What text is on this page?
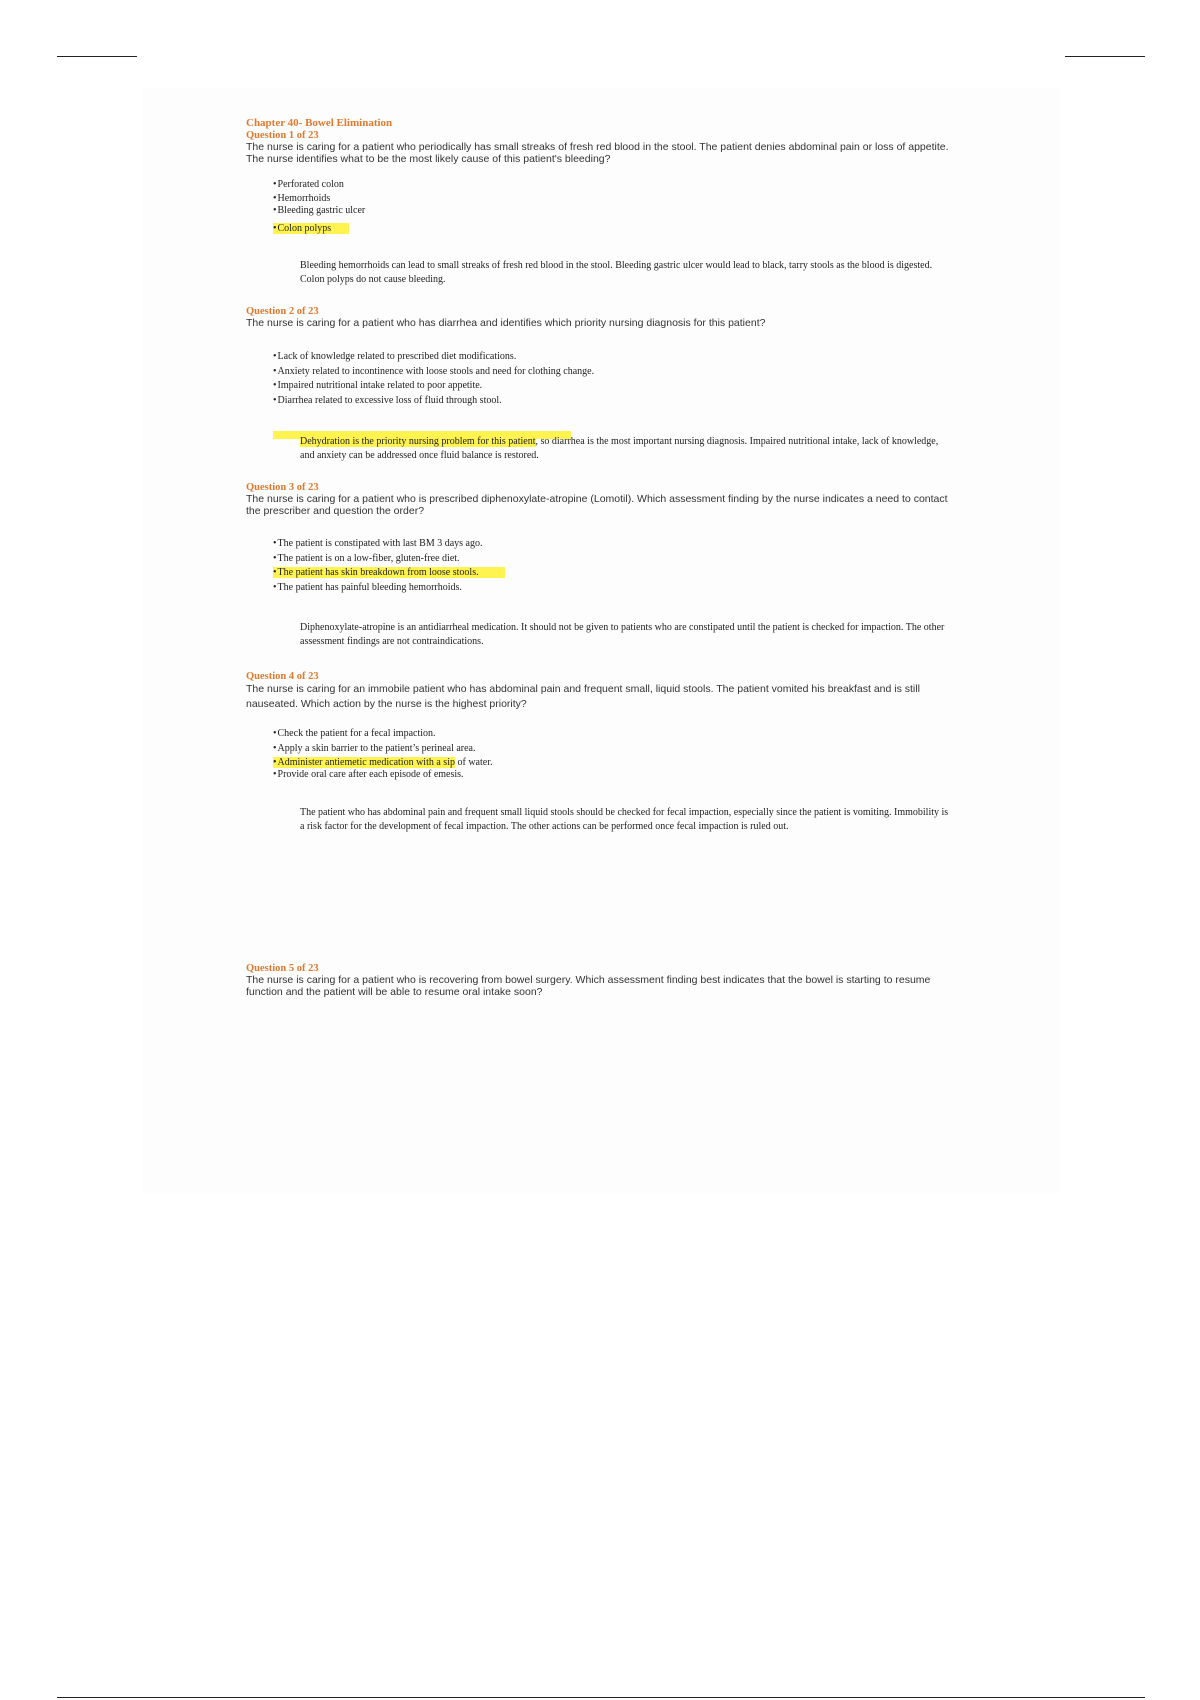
Chapter 40- Bowel Elimination
Question 1 of 23
The nurse is caring for a patient who periodically has small streaks of fresh red blood in the stool. The patient denies abdominal pain or loss of appetite. The nurse identifies what to be the most likely cause of this patient's bleeding?
•Perforated colon
•Hemorrhoids
•Bleeding gastric ulcer
•Colon polyps
Bleeding hemorrhoids can lead to small streaks of fresh red blood in the stool. Bleeding gastric ulcer would lead to black, tarry stools as the blood is digested. Colon polyps do not cause bleeding.
Question 2 of 23
The nurse is caring for a patient who has diarrhea and identifies which priority nursing diagnosis for this patient?
•Lack of knowledge related to prescribed diet modifications.
•Anxiety related to incontinence with loose stools and need for clothing change.
•Impaired nutritional intake related to poor appetite.
•Diarrhea related to excessive loss of fluid through stool.
Dehydration is the priority nursing problem for this patient, so diarrhea is the most important nursing diagnosis. Impaired nutritional intake, lack of knowledge, and anxiety can be addressed once fluid balance is restored.
Question 3 of 23
The nurse is caring for a patient who is prescribed diphenoxylate-atropine (Lomotil). Which assessment finding by the nurse indicates a need to contact the prescriber and question the order?
•The patient is constipated with last BM 3 days ago.
•The patient is on a low-fiber, gluten-free diet.
•The patient has skin breakdown from loose stools.
•The patient has painful bleeding hemorrhoids.
Diphenoxylate-atropine is an antidiarrheal medication. It should not be given to patients who are constipated until the patient is checked for impaction. The other assessment findings are not contraindications.
Question 4 of 23
The nurse is caring for an immobile patient who has abdominal pain and frequent small, liquid stools. The patient vomited his breakfast and is still nauseated. Which action by the nurse is the highest priority?
•Check the patient for a fecal impaction.
•Apply a skin barrier to the patient’s perineal area.
•Administer antiemetic medication with a sip of water.
•Provide oral care after each episode of emesis.
The patient who has abdominal pain and frequent small liquid stools should be checked for fecal impaction, especially since the patient is vomiting. Immobility is a risk factor for the development of fecal impaction. The other actions can be performed once fecal impaction is ruled out.
Question 5 of 23
The nurse is caring for a patient who is recovering from bowel surgery. Which assessment finding best indicates that the bowel is starting to resume function and the patient will be able to resume oral intake soon?
